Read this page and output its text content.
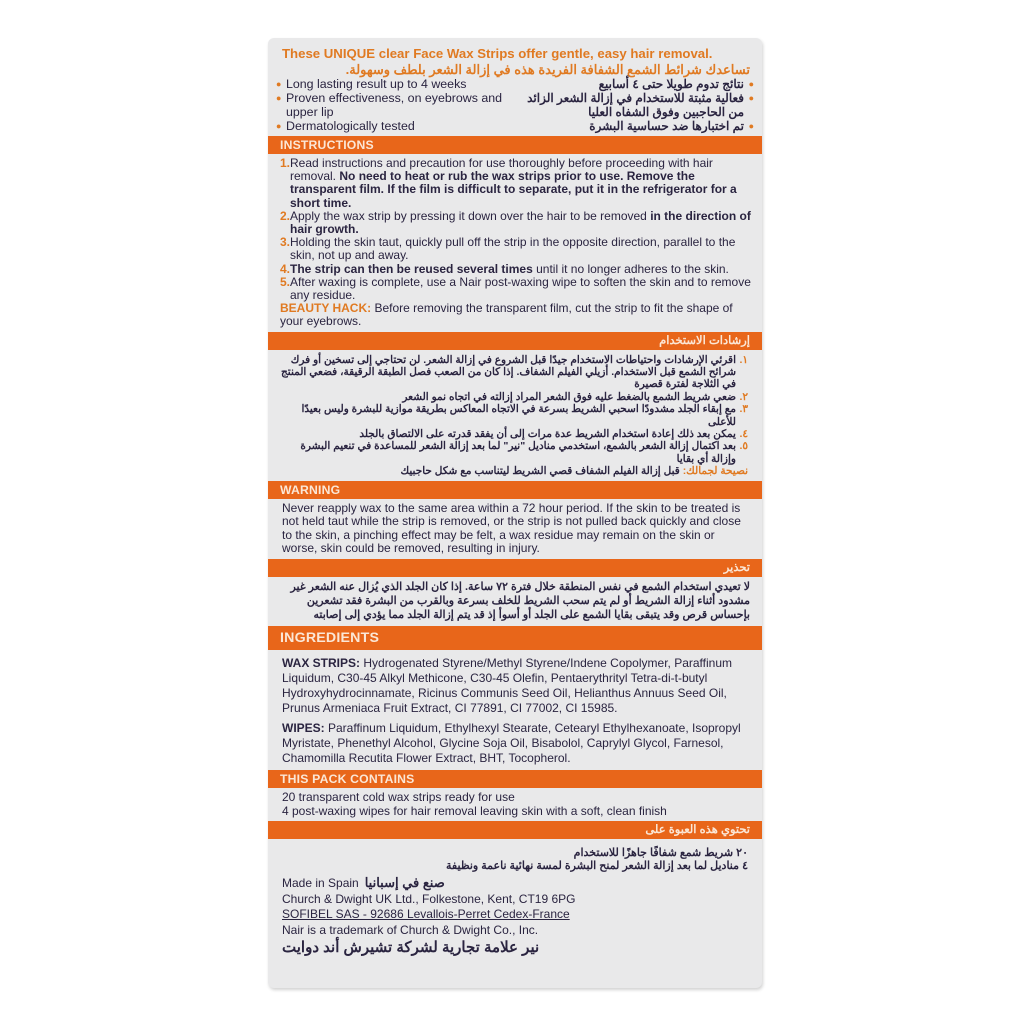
These UNIQUE clear Face Wax Strips offer gentle, easy hair removal.
تساعدك شرائط الشمع الشفافة الفريدة هذه في إزالة الشعر بلطف وسهولة.
● Long lasting result up to 4 weeks
● Proven effectiveness, on eyebrows and upper lip
● Dermatologically tested
●
نتائج تدوم طويلا حتى ٤ أسابيع
●
فعالية مثبتة للاستخدام في إزالة الشعر الزائد من الحاجبين وفوق الشفاه العليا
●
تم اختبارها ضد حساسية البشرة
INSTRUCTIONS
1. Read instructions and precaution for use thoroughly before proceeding with hair removal. No need to heat or rub the wax strips prior to use. Remove the transparent film. If the film is difficult to separate, put it in the refrigerator for a short time.
2. Apply the wax strip by pressing it down over the hair to be removed in the direction of hair growth.
3. Holding the skin taut, quickly pull off the strip in the opposite direction, parallel to the skin, not up and away.
4. The strip can then be reused several times until it no longer adheres to the skin.
5. After waxing is complete, use a Nair post-waxing wipe to soften the skin and to remove any residue.
BEAUTY HACK: Before removing the transparent film, cut the strip to fit the shape of your eyebrows.
إرشادات الاستخدام
١.
اقرئي الإرشادات واحتياطات الاستخدام جيدًا قبل الشروع في إزالة الشعر. لن تحتاجي إلى تسخين أو فرك شرائح الشمع قبل الاستخدام. أزيلي الفيلم الشفاف. إذا كان من الصعب فصل الطبقة الرقيقة، فضعي المنتج في الثلاجة لفترة قصيرة
٢.
ضعي شريط الشمع بالضغط عليه فوق الشعر المراد إزالته في اتجاه نمو الشعر
٣.
مع إبقاء الجلد مشدودًا اسحبي الشريط بسرعة في الاتجاه المعاكس بطريقة موازية للبشرة وليس بعيدًا للأعلى
٤.
يمكن بعد ذلك إعادة استخدام الشريط عدة مرات إلى أن يفقد قدرته على الالتصاق بالجلد
٥.
بعد اكتمال إزالة الشعر بالشمع، استخدمي مناديل "نير" لما بعد إزالة الشعر للمساعدة في تنعيم البشرة وإزالة أي بقايا
نصيحة لجمالك: قبل إزالة الفيلم الشفاف قصي الشريط ليتناسب مع شكل حاجبيك
WARNING
Never reapply wax to the same area within a 72 hour period. If the skin to be treated is not held taut while the strip is removed, or the strip is not pulled back quickly and close to the skin, a pinching effect may be felt, a wax residue may remain on the skin or worse, skin could be removed, resulting in injury.
تحذير
لا تعيدي استخدام الشمع في نفس المنطقة خلال فترة ٧٢ ساعة. إذا كان الجلد الذي يُزال عنه الشعر غير مشدود أثناء إزالة الشريط أو لم يتم سحب الشريط للخلف بسرعة وبالقرب من البشرة فقد تشعرين بإحساس قرص وقد يتبقى بقايا الشمع على الجلد أو أسوأ إذ قد يتم إزالة الجلد مما يؤدي إلى إصابته
INGREDIENTS

WAX STRIPS: Hydrogenated Styrene/Methyl Styrene/Indene Copolymer, Paraffinum Liquidum, C30-45 Alkyl Methicone, C30-45 Olefin, Pentaerythrityl Tetra-di-t-butyl Hydroxyhydrocinnamate, Ricinus Communis Seed Oil, Helianthus Annuus Seed Oil, Prunus Armeniaca Fruit Extract, CI 77891, CI 77002, CI 15985.

WIPES: Paraffinum Liquidum, Ethylhexyl Stearate, Cetearyl Ethylhexanoate, Isopropyl Myristate, Phenethyl Alcohol, Glycine Soja Oil, Bisabolol, Caprylyl Glycol, Farnesol, Chamomilla Recutita Flower Extract, BHT, Tocopherol.

THIS PACK CONTAINS
20 transparent cold wax strips ready for use
4 post-waxing wipes for hair removal leaving skin with a soft, clean finish
تحتوي هذه العبوة على
٢٠ شريط شمع شفافًا جاهزًا للاستخدام
٤ مناديل لما بعد إزالة الشعر لمنح البشرة لمسة نهائية ناعمة ونظيفة
Made in Spain صنع في إسبانيا
Church & Dwight UK Ltd., Folkestone, Kent, CT19 6PG
SOFIBEL SAS - 92686 Levallois-Perret Cedex-France
Nair is a trademark of Church & Dwight Co., Inc.
نير علامة تجارية لشركة تشيرش أند دوايت
